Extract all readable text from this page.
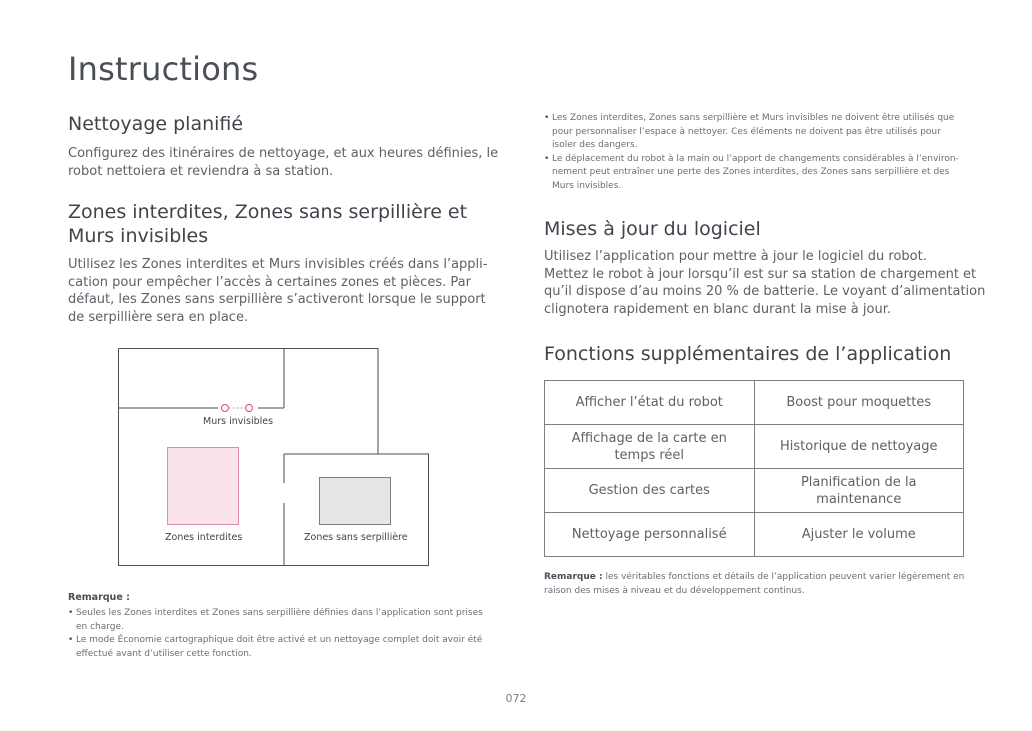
Instructions
Nettoyage planifié

Configurez des itinéraires de nettoyage, et aux heures définies, le
robot nettoiera et reviendra à sa station.

Zones interdites, Zones sans serpillière et
Murs invisibles

Utilisez les Zones interdites et Murs invisibles créés dans l’appli-
cation pour empêcher l’accès à certaines zones et pièces. Par
défaut, les Zones sans serpillière s’activeront lorsque le support
de serpillière sera en place.

Murs invisibles
Zones interdites	Zones sans serpillière
Remarque :
• Seules les Zones interdites et Zones sans serpillière définies dans l’application sont prises
en charge.
• Le mode Économie cartographique doit être activé et un nettoyage complet doit avoir été
effectué avant d’utiliser cette fonction.
• Les Zones interdites, Zones sans serpillière et Murs invisibles ne doivent être utilisés que
pour personnaliser l’espace à nettoyer. Ces éléments ne doivent pas être utilisés pour
isoler des dangers.
• Le déplacement du robot à la main ou l’apport de changements considérables à l’environ-
nement peut entraîner une perte des Zones interdites, des Zones sans serpillière et des
Murs invisibles.
Mises à jour du logiciel

Utilisez l’application pour mettre à jour le logiciel du robot.
Mettez le robot à jour lorsqu’il est sur sa station de chargement et
qu’il dispose d’au moins 20 % de batterie. Le voyant d’alimentation
clignotera rapidement en blanc durant la mise à jour.

Fonctions supplémentaires de l’application
Afficher l’état du robot	Boost pour moquettes
Affichage de la carte en
temps réel	Historique de nettoyage
Gestion des cartes	Planification de la
maintenance
Nettoyage personnalisé	Ajuster le volume
Remarque : les véritables fonctions et détails de l’application peuvent varier légèrement en
raison des mises à niveau et du développement continus.
072
